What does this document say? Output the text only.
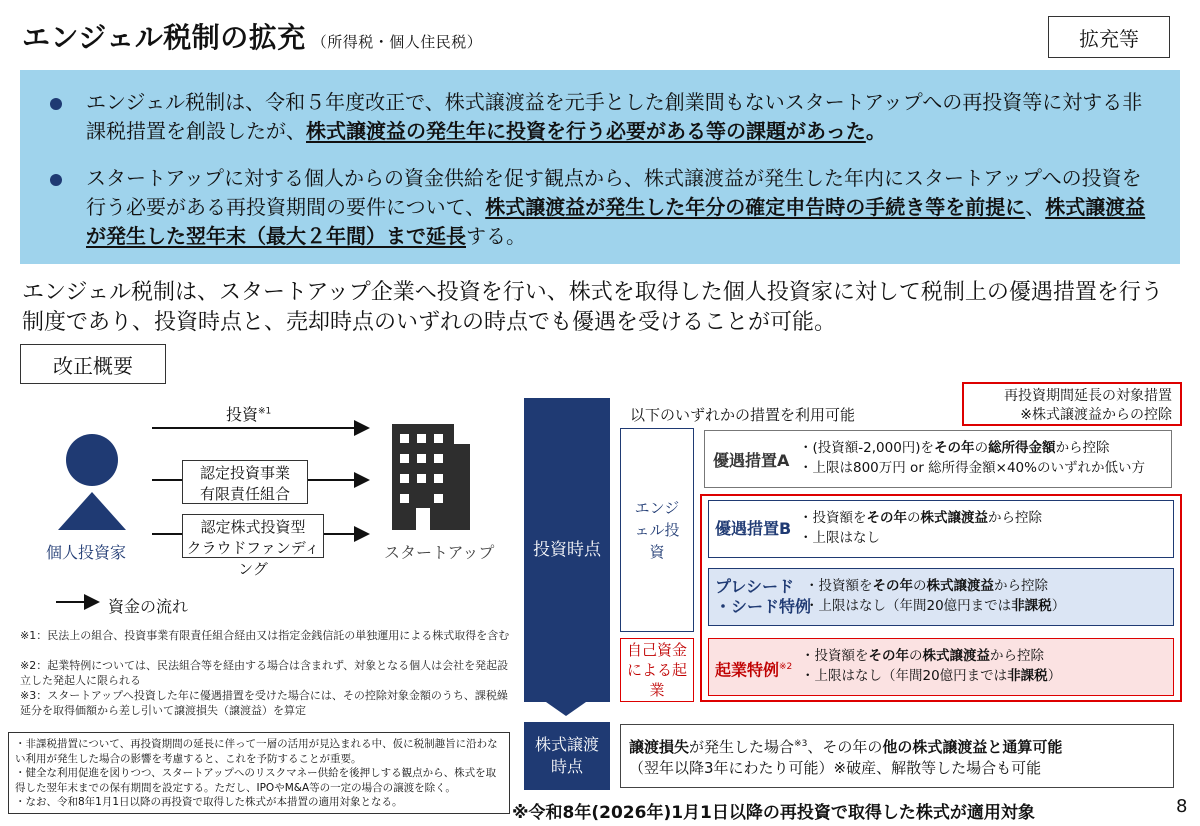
エンジェル税制の拡充 （所得税・個人住民税）	拡充等
エンジェル税制は、令和５年度改正で、株式譲渡益を元手とした創業間もないスタートアップへの再投資等に対する非課税措置を創設したが、株式譲渡益の発生年に投資を行う必要がある等の課題があった。
スタートアップに対する個人からの資金供給を促す観点から、株式譲渡益が発生した年内にスタートアップへの投資を行う必要がある再投資期間の要件について、株式譲渡益が発生した年分の確定申告時の手続き等を前提に、株式譲渡益が発生した翌年末（最大２年間）まで延長する。
エンジェル税制は、スタートアップ企業へ投資を行い、株式を取得した個人投資家に対して税制上の優遇措置を行う制度であり、投資時点と、売却時点のいずれの時点でも優遇を受けることが可能。
改正概要
投資$^{※1}$
認定投資事業
有限責任組合
認定株式投資型
クラウドファンディング
個人投資家	スタートアップ
資金の流れ
※1：民法上の組合、投資事業有限責任組合経由又は指定金銭信託の単独運用による株式取得を含む
※2：起業特例については、民法組合等を経由する場合は含まれず、対象となる個人は会社を発起設立した発起人に限られる
※3：スタートアップへ投資した年に優遇措置を受けた場合には、その控除対象金額のうち、課税繰延分を取得価額から差し引いて譲渡損失（譲渡益）を算定
・非課税措置について、再投資期間の延長に伴って一層の活用が見込まれる中、仮に税制趣旨に沿わない利用が発生した場合の影響を考慮すると、これを予防することが重要。
・健全な利用促進を図りつつ、スタートアップへのリスクマネー供給を後押しする観点から、株式を取得した翌年末までの保有期間を設定する。ただし、IPOやM&A等の一定の場合の譲渡を除く。
・なお、令和8年1月1日以降の再投資で取得した株式が本措置の適用対象となる。
投資時点
以下のいずれかの措置を利用可能
再投資期間延長の対象措置
※株式譲渡益からの控除
エンジェル投資
自己資金による起業
優遇措置A
・(投資額-2,000円)をその年の総所得金額から控除
・上限は800万円 or 総所得金額×40%のいずれか低い方
優遇措置B
・投資額をその年の株式譲渡益から控除
・上限はなし
プレシード
・シード特例
・投資額をその年の株式譲渡益から控除
・上限はなし（年間20億円までは非課税）
起業特例$^{※2}$
・投資額をその年の株式譲渡益から控除
・上限はなし（年間20億円までは非課税）
株式譲渡時点
譲渡損失が発生した場合$^{※3}$、その年の他の株式譲渡益と通算可能
（翌年以降3年にわたり可能）※破産、解散等した場合も可能
※令和8年(2026年)1月1日以降の再投資で取得した株式が適用対象	8
